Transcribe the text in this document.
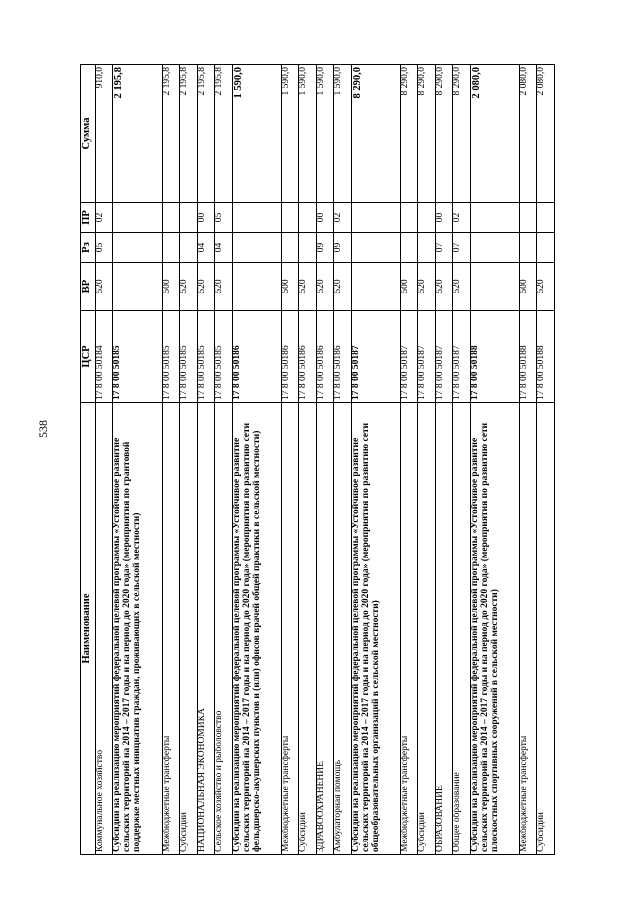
538
Наименование	ЦСР	ВР	Рз	ПР	Сумма
Коммунальное хозяйство	17 8 00 50184	520	05	02	910,0
Субсидии на реализацию мероприятий федеральной целевой программы «Устойчивое развитие сельских территорий на 2014 – 2017 годы и на период до 2020 года» (мероприятия по грантовой поддержке местных инициатив граждан, проживающих в сельской местности)	17 8 00 50185				2 195,8
Межбюджетные трансферты	17 8 00 50185	500			2 195,8
Субсидии	17 8 00 50185	520			2 195,8
НАЦИОНАЛЬНАЯ ЭКОНОМИКА	17 8 00 50185	520	04	00	2 195,8
Сельское хозяйство и рыболовство	17 8 00 50185	520	04	05	2 195,8
Субсидии на реализацию мероприятий федеральной целевой программы «Устойчивое развитие сельских территорий на 2014 – 2017 годы и на период до 2020 года» (мероприятия по развитию сети фельдшерско-акушерских пунктов и (или) офисов врачей общей практики в сельской местности)	17 8 00 50186				1 590,0
Межбюджетные трансферты	17 8 00 50186	500			1 590,0
Субсидии	17 8 00 50186	520			1 590,0
ЗДРАВООХРАНЕНИЕ	17 8 00 50186	520	09	00	1 590,0
Амбулаторная помощь	17 8 00 50186	520	09	02	1 590,0
Субсидии на реализацию мероприятий федеральной целевой программы «Устойчивое развитие сельских территорий на 2014 – 2017 годы и на период до 2020 года» (мероприятия по развитию сети общеобразовательных организаций в сельской местности)	17 8 00 50187				8 290,0
Межбюджетные трансферты	17 8 00 50187	500			8 290,0
Субсидии	17 8 00 50187	520			8 290,0
ОБРАЗОВАНИЕ	17 8 00 50187	520	07	00	8 290,0
Общее образование	17 8 00 50187	520	07	02	8 290,0
Субсидии на реализацию мероприятий федеральной целевой программы «Устойчивое развитие сельских территорий на 2014 – 2017 годы и на период до 2020 года» (мероприятия по развитию сети плоскостных спортивных сооружений в сельской местности)	17 8 00 50188				2 080,0
Межбюджетные трансферты	17 8 00 50188	500			2 080,0
Субсидии	17 8 00 50188	520			2 080,0
